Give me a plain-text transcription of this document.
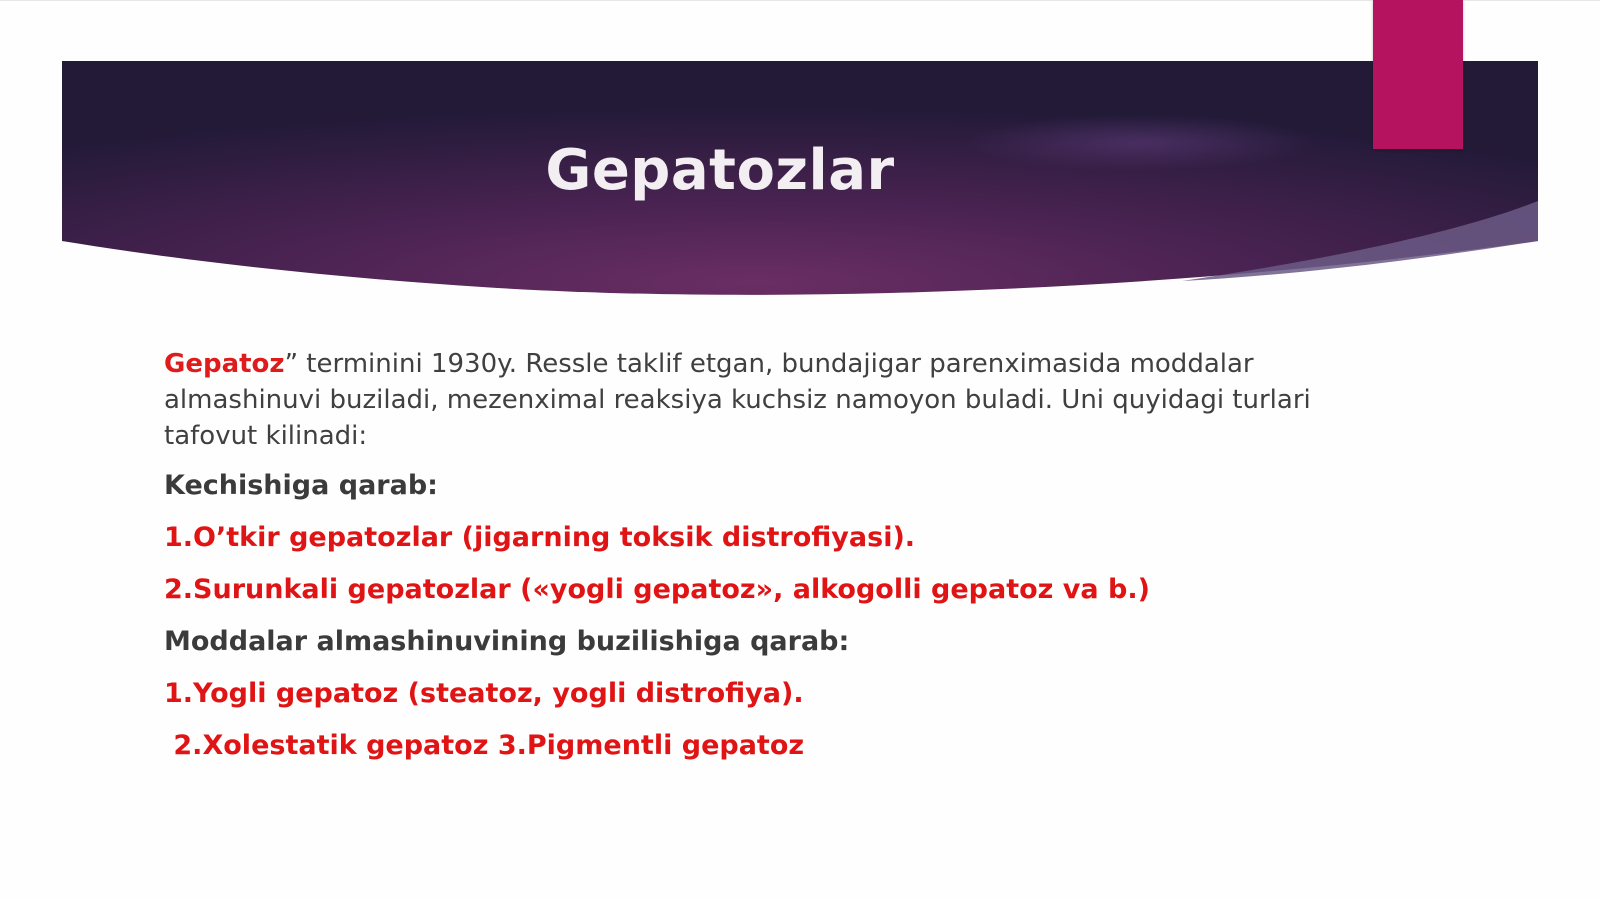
Gepatozlar

Gepatoz” terminini 1930y. Ressle taklif etgan, bundajigar parenximasida moddalar almashinuvi buziladi, mezenximal reaksiya kuchsiz namoyon buladi. Uni quyidagi turlari tafovut kilinadi:

Kechishiga qarab:
1.O’tkir gepatozlar (jigarning toksik distrofiyasi).
2.Surunkali gepatozlar («yogli gepatoz», alkogolli gepatoz va b.)
Moddalar almashinuvining buzilishiga qarab:
1.Yogli gepatoz (steatoz, yogli distrofiya).
2.Xolestatik gepatoz 3.Pigmentli gepatoz
